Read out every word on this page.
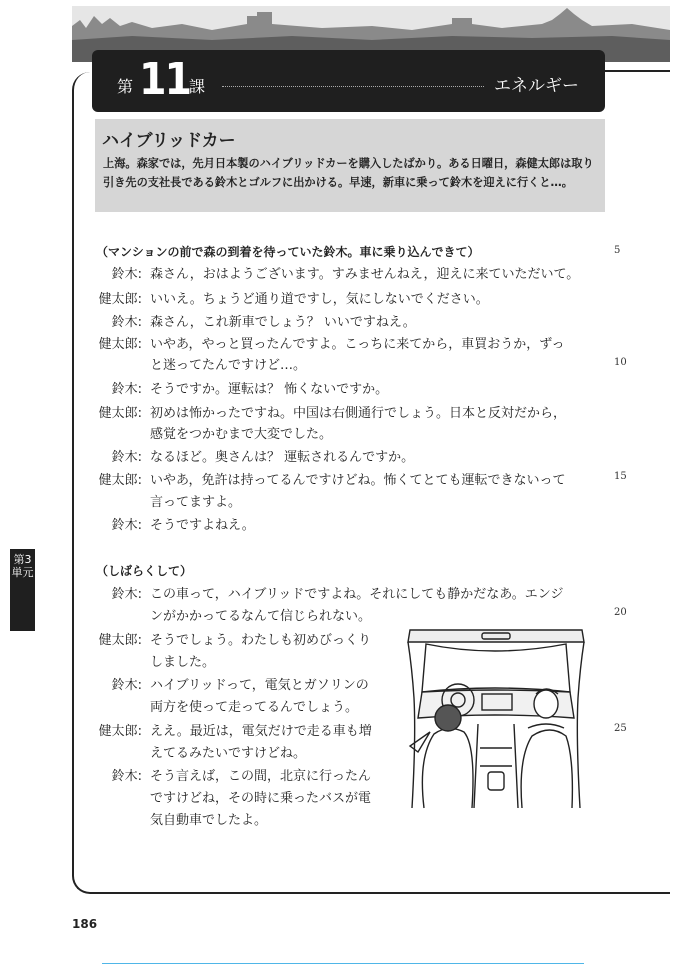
第 11
課	エネルギー
ハイブリッドカー
上海。森家では，先月日本製のハイブリッドカーを購入したばかり。ある日曜日，森健太郎は取り引き先の支社長である鈴木とゴルフに出かける。早速，新車に乗って鈴木を迎えに行くと…。
（マンションの前で森の到着を待っていた鈴木。車に乗り込んできて）
（しばらくして）
鈴木: 森さん，おはようございます。すみませんねえ，迎えに来ていただいて。
健太郎: いいえ。ちょうど通り道ですし，気にしないでください。
鈴木: 森さん，これ新車でしょう？ いいですねえ。
健太郎: いやあ，やっと買ったんですよ。こっちに来てから，車買おうか，ずっ
と迷ってたんですけど…。
鈴木: そうですか。運転は？ 怖くないですか。
健太郎: 初めは怖かったですね。中国は右側通行でしょう。日本と反対だから，
感覚をつかむまで大変でした。
鈴木: なるほど。奥さんは？ 運転されるんですか。
健太郎: いやあ，免許は持ってるんですけどね。怖くてとても運転できないって
言ってますよ。
鈴木: そうですよねえ。
鈴木: この車って，ハイブリッドですよね。それにしても静かだなあ。エンジ
ンがかかってるなんて信じられない。
健太郎: そうでしょう。わたしも初めびっくり
しました。
鈴木: ハイブリッドって，電気とガソリンの
両方を使って走ってるんでしょう。
健太郎: ええ。最近は，電気だけで走る車も増
えてるみたいですけどね。
鈴木: そう言えば，この間，北京に行ったん
ですけどね，その時に乗ったバスが電
気自動車でしたよ。
5
10
15
20
25
第3単元
186
